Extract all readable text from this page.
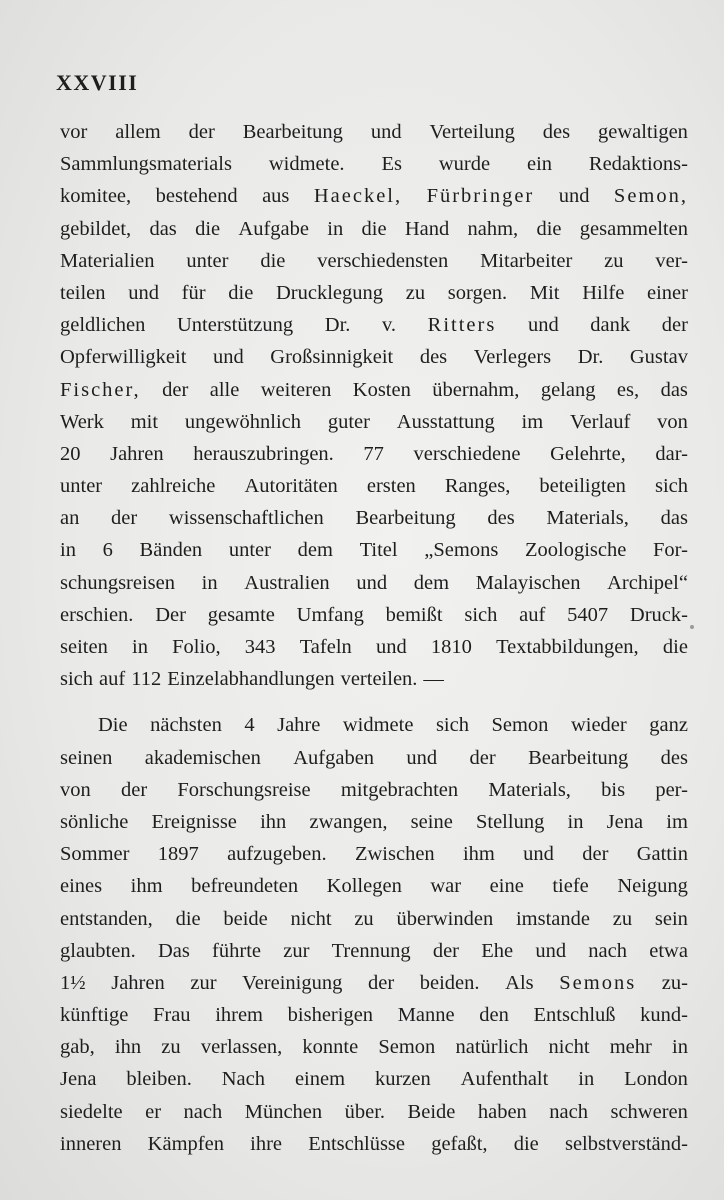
XXVIII
vor allem der Bearbeitung und Verteilung des gewaltigen
Sammlungsmaterials widmete. Es wurde ein Redaktions-
komitee, bestehend aus Haeckel, Fürbringer und Semon,
gebildet, das die Aufgabe in die Hand nahm, die gesammelten
Materialien unter die verschiedensten Mitarbeiter zu ver-
teilen und für die Drucklegung zu sorgen. Mit Hilfe einer
geldlichen Unterstützung Dr. v. Ritters und dank der
Opferwilligkeit und Großsinnigkeit des Verlegers Dr. Gustav
Fischer, der alle weiteren Kosten übernahm, gelang es, das
Werk mit ungewöhnlich guter Ausstattung im Verlauf von
20 Jahren herauszubringen. 77 verschiedene Gelehrte, dar-
unter zahlreiche Autoritäten ersten Ranges, beteiligten sich
an der wissenschaftlichen Bearbeitung des Materials, das
in 6 Bänden unter dem Titel „Semons Zoologische For-
schungsreisen in Australien und dem Malayischen Archipel“
erschien. Der gesamte Umfang bemißt sich auf 5407 Druck-
seiten in Folio, 343 Tafeln und 1810 Textabbildungen, die
sich auf 112 Einzelabhandlungen verteilen. —
Die nächsten 4 Jahre widmete sich Semon wieder ganz
seinen akademischen Aufgaben und der Bearbeitung des
von der Forschungsreise mitgebrachten Materials, bis per-
sönliche Ereignisse ihn zwangen, seine Stellung in Jena im
Sommer 1897 aufzugeben. Zwischen ihm und der Gattin
eines ihm befreundeten Kollegen war eine tiefe Neigung
entstanden, die beide nicht zu überwinden imstande zu sein
glaubten. Das führte zur Trennung der Ehe und nach etwa
1½ Jahren zur Vereinigung der beiden. Als Semons zu-
künftige Frau ihrem bisherigen Manne den Entschluß kund-
gab, ihn zu verlassen, konnte Semon natürlich nicht mehr in
Jena bleiben. Nach einem kurzen Aufenthalt in London
siedelte er nach München über. Beide haben nach schweren
inneren Kämpfen ihre Entschlüsse gefaßt, die selbstverständ-
